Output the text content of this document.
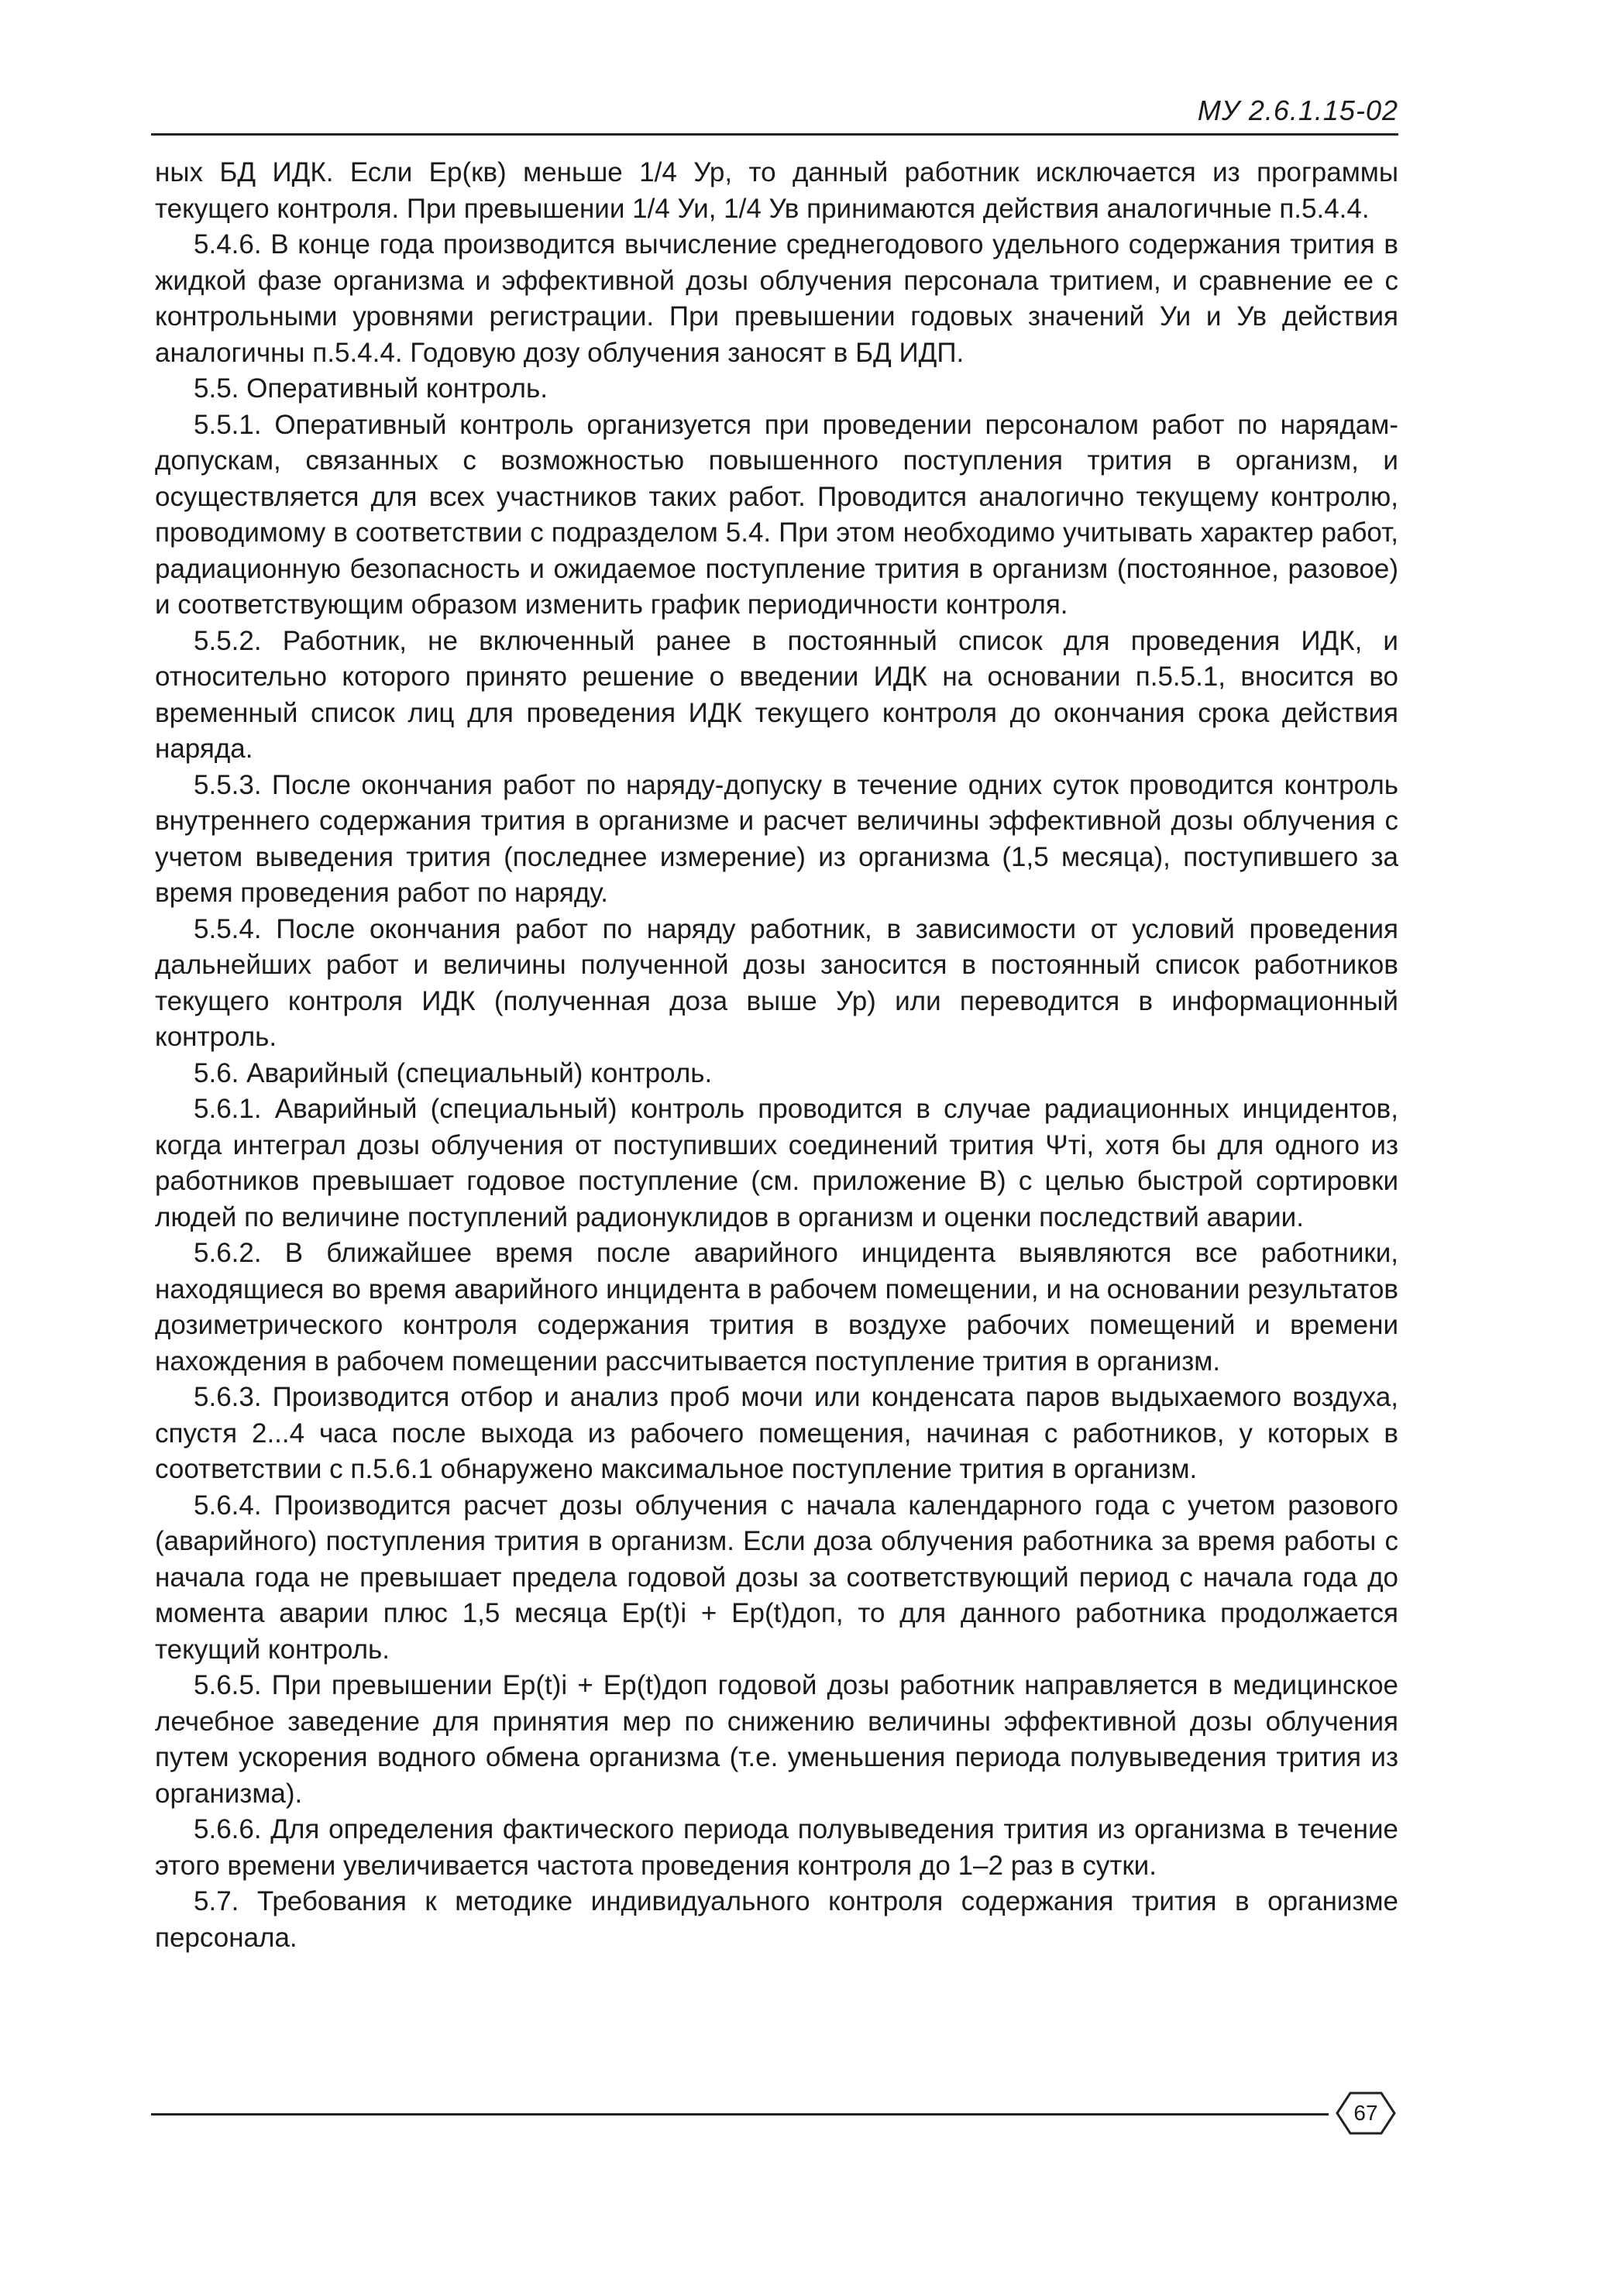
МУ 2.6.1.15-02

ных БД ИДК. Если Eр(кв) меньше 1/4 Ур, то данный работник исключается из программы текущего контроля. При превышении 1/4 Уи, 1/4 Ув принимаются действия аналогичные п.5.4.4.

5.4.6. В конце года производится вычисление среднегодового удельного содержания трития в жидкой фазе организма и эффективной дозы облучения персонала тритием, и сравнение ее с контрольными уровнями регистрации. При превышении годовых значений Уи и Ув действия аналогичны п.5.4.4. Годовую дозу облучения заносят в БД ИДП.

5.5. Оперативный контроль.

5.5.1. Оперативный контроль организуется при проведении персоналом работ по нарядам-допускам, связанных с возможностью повышенного поступления трития в организм, и осуществляется для всех участников таких работ. Проводится аналогично текущему контролю, проводимому в соответствии с подразделом 5.4. При этом необходимо учитывать характер работ, радиационную безопасность и ожидаемое поступление трития в организм (постоянное, разовое) и соответствующим образом изменить график периодичности контроля.

5.5.2. Работник, не включенный ранее в постоянный список для проведения ИДК, и относительно которого принято решение о введении ИДК на основании п.5.5.1, вносится во временный список лиц для проведения ИДК текущего контроля до окончания срока действия наряда.

5.5.3. После окончания работ по наряду-допуску в течение одних суток проводится контроль внутреннего содержания трития в организме и расчет величины эффективной дозы облучения с учетом выведения трития (последнее измерение) из организма (1,5 месяца), поступившего за время проведения работ по наряду.

5.5.4. После окончания работ по наряду работник, в зависимости от условий проведения дальнейших работ и величины полученной дозы заносится в постоянный список работников текущего контроля ИДК (полученная доза выше Ур) или переводится в информационный контроль.

5.6. Аварийный (специальный) контроль.

5.6.1. Аварийный (специальный) контроль проводится в случае радиационных инцидентов, когда интеграл дозы облучения от поступивших соединений трития Ψтi, хотя бы для одного из работников превышает годовое поступление (см. приложение В) с целью быстрой сортировки людей по величине поступлений радионуклидов в организм и оценки последствий аварии.

5.6.2. В ближайшее время после аварийного инцидента выявляются все работники, находящиеся во время аварийного инцидента в рабочем помещении, и на основании результатов дозиметрического контроля содержания трития в воздухе рабочих помещений и времени нахождения в рабочем помещении рассчитывается поступление трития в организм.

5.6.3. Производится отбор и анализ проб мочи или конденсата паров выдыхаемого воздуха, спустя 2...4 часа после выхода из рабочего помещения, начиная с работников, у которых в соответствии с п.5.6.1 обнаружено максимальное поступление трития в организм.

5.6.4. Производится расчет дозы облучения с начала календарного года с учетом разового (аварийного) поступления трития в организм. Если доза облучения работника за время работы с начала года не превышает предела годовой дозы за соответствующий период с начала года до момента аварии плюс 1,5 месяца Eр(t)i + Eр(t)доп, то для данного работника продолжается текущий контроль.

5.6.5. При превышении Eр(t)i + Eр(t)доп годовой дозы работник направляется в медицинское лечебное заведение для принятия мер по снижению величины эффективной дозы облучения путем ускорения водного обмена организма (т.е. уменьшения периода полувыведения трития из организма).

5.6.6. Для определения фактического периода полувыведения трития из организма в течение этого времени увеличивается частота проведения контроля до 1–2 раз в сутки.

5.7. Требования к методике индивидуального контроля содержания трития в организме персонала.

67
